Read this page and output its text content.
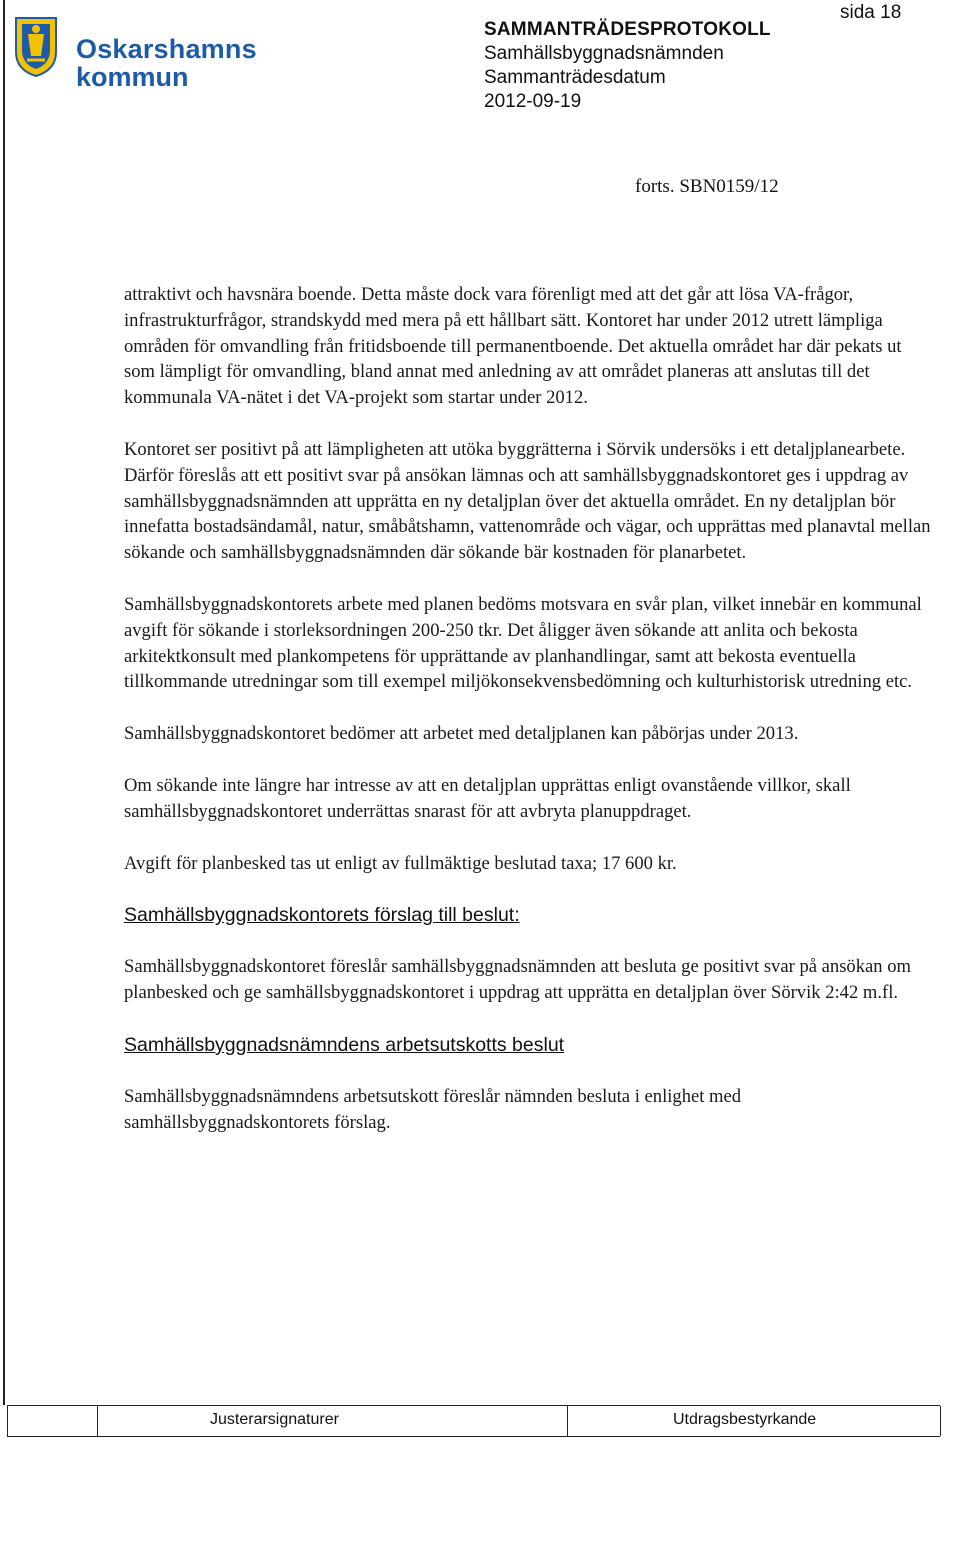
Oskarshamns
kommun
sida 18
SAMMANTRÄDESPROTOKOLL
Samhällsbyggnadsnämnden
Sammanträdesdatum
2012-09-19
forts. SBN0159/12

attraktivt och havsnära boende. Detta måste dock vara förenligt med att det går att lösa VA-frågor, infrastrukturfrågor, strandskydd med mera på ett hållbart sätt. Kontoret har under 2012 utrett lämpliga områden för omvandling från fritidsboende till permanentboende. Det aktuella området har där pekats ut som lämpligt för omvandling, bland annat med anledning av att området planeras att anslutas till det kommunala VA-nätet i det VA-projekt som startar under 2012.

Kontoret ser positivt på att lämpligheten att utöka byggrätterna i Sörvik undersöks i ett detaljplanearbete. Därför föreslås att ett positivt svar på ansökan lämnas och att samhällsbyggnadskontoret ges i uppdrag av samhällsbyggnadsnämnden att upprätta en ny detaljplan över det aktuella området. En ny detaljplan bör innefatta bostadsändamål, natur, småbåtshamn, vattenområde och vägar, och upprättas med planavtal mellan sökande och samhällsbyggnadsnämnden där sökande bär kostnaden för planarbetet.

Samhällsbyggnadskontorets arbete med planen bedöms motsvara en svår plan, vilket innebär en kommunal avgift för sökande i storleksordningen 200-250 tkr. Det åligger även sökande att anlita och bekosta arkitektkonsult med plankompetens för upprättande av planhandlingar, samt att bekosta eventuella tillkommande utredningar som till exempel miljökonsekvensbedömning och kulturhistorisk utredning etc.

Samhällsbyggnadskontoret bedömer att arbetet med detaljplanen kan påbörjas under 2013.

Om sökande inte längre har intresse av att en detaljplan upprättas enligt ovanstående villkor, skall samhällsbyggnadskontoret underrättas snarast för att avbryta planuppdraget.

Avgift för planbesked tas ut enligt av fullmäktige beslutad taxa; 17 600 kr.

Samhällsbyggnadskontorets förslag till beslut:

Samhällsbyggnadskontoret föreslår samhällsbyggnadsnämnden att besluta ge positivt svar på ansökan om planbesked och ge samhällsbyggnadskontoret i uppdrag att upprätta en detaljplan över Sörvik 2:42 m.fl.

Samhällsbyggnadsnämndens arbetsutskotts beslut

Samhällsbyggnadsnämndens arbetsutskott föreslår nämnden besluta i enlighet med samhällsbyggnadskontorets förslag.

Justerarsignaturer	Utdragsbestyrkande
